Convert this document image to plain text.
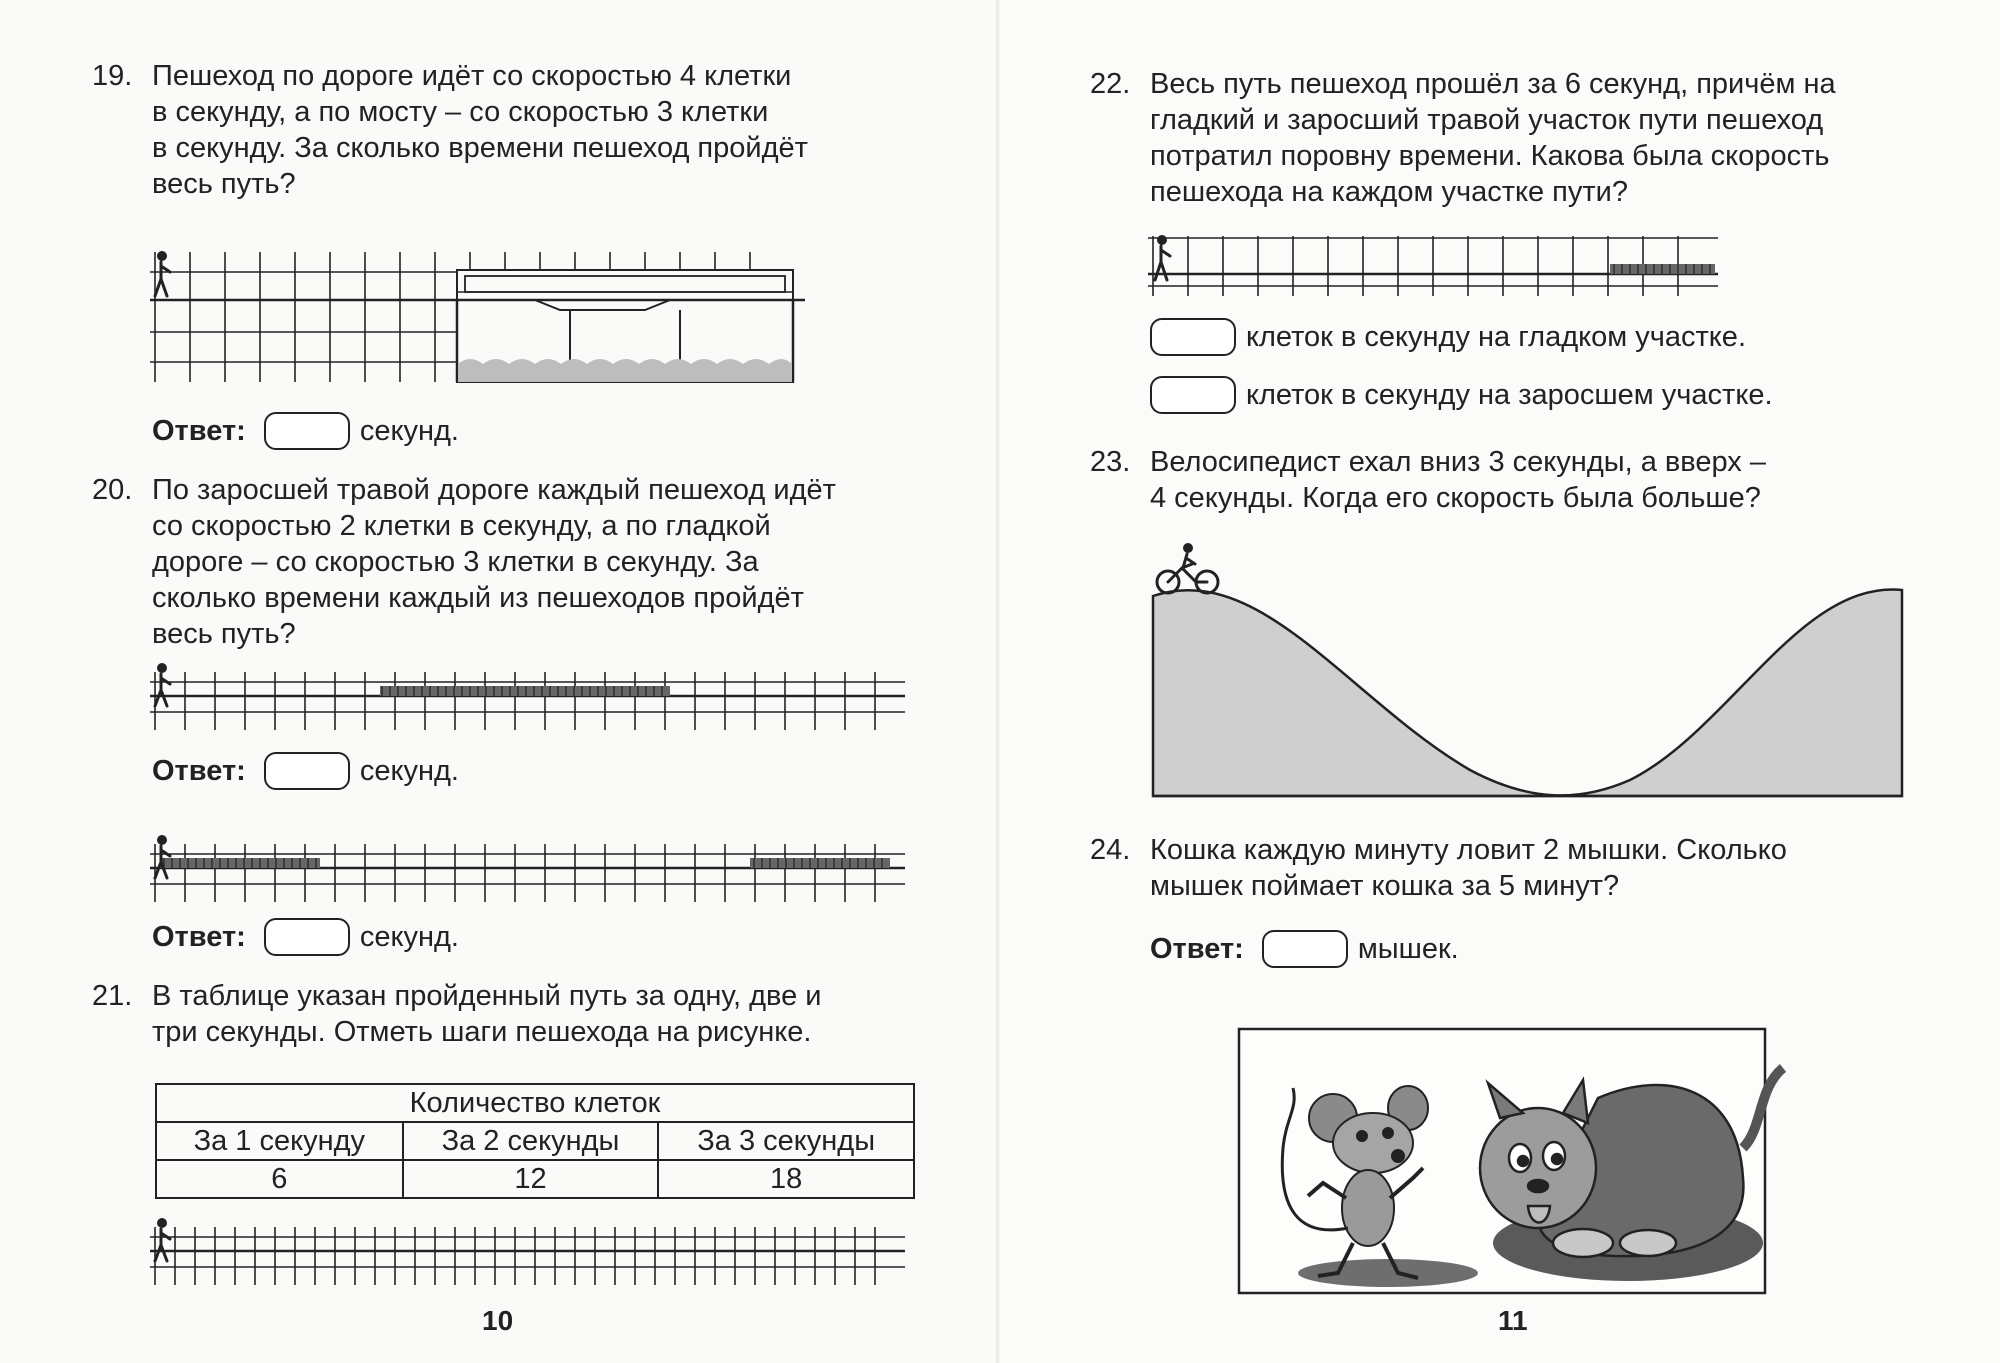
19. Пешеход по дороге идёт со скоростью 4 клетки
в секунду, а по мосту – со скоростью 3 клетки
в секунду. За сколько времени пешеход пройдёт
весь путь?
Ответ:	секунд.
20. По заросшей травой дороге каждый пешеход идёт
со скоростью 2 клетки в секунду, а по гладкой
дороге – со скоростью 3 клетки в секунду. За
сколько времени каждый из пешеходов пройдёт
весь путь?
Ответ:	секунд.
Ответ:	секунд.
21. В таблице указан пройденный путь за одну, две и
три секунды. Отметь шаги пешехода на рисунке.
Количество клеток		
За 1 секунду	За 2 секунды	За 3 секунды
6	12	18
10
22. Весь путь пешеход прошёл за 6 секунд, причём на
гладкий и заросший травой участок пути пешеход
потратил поровну времени. Какова была скорость
пешехода на каждом участке пути?
клеток в секунду на гладком участке.
клеток в секунду на заросшем участке.
23. Велосипедист ехал вниз 3 секунды, а вверх –
4 секунды. Когда его скорость была больше?
24. Кошка каждую минуту ловит 2 мышки. Сколько
мышек поймает кошка за 5 минут?
Ответ:	мышек.
11
